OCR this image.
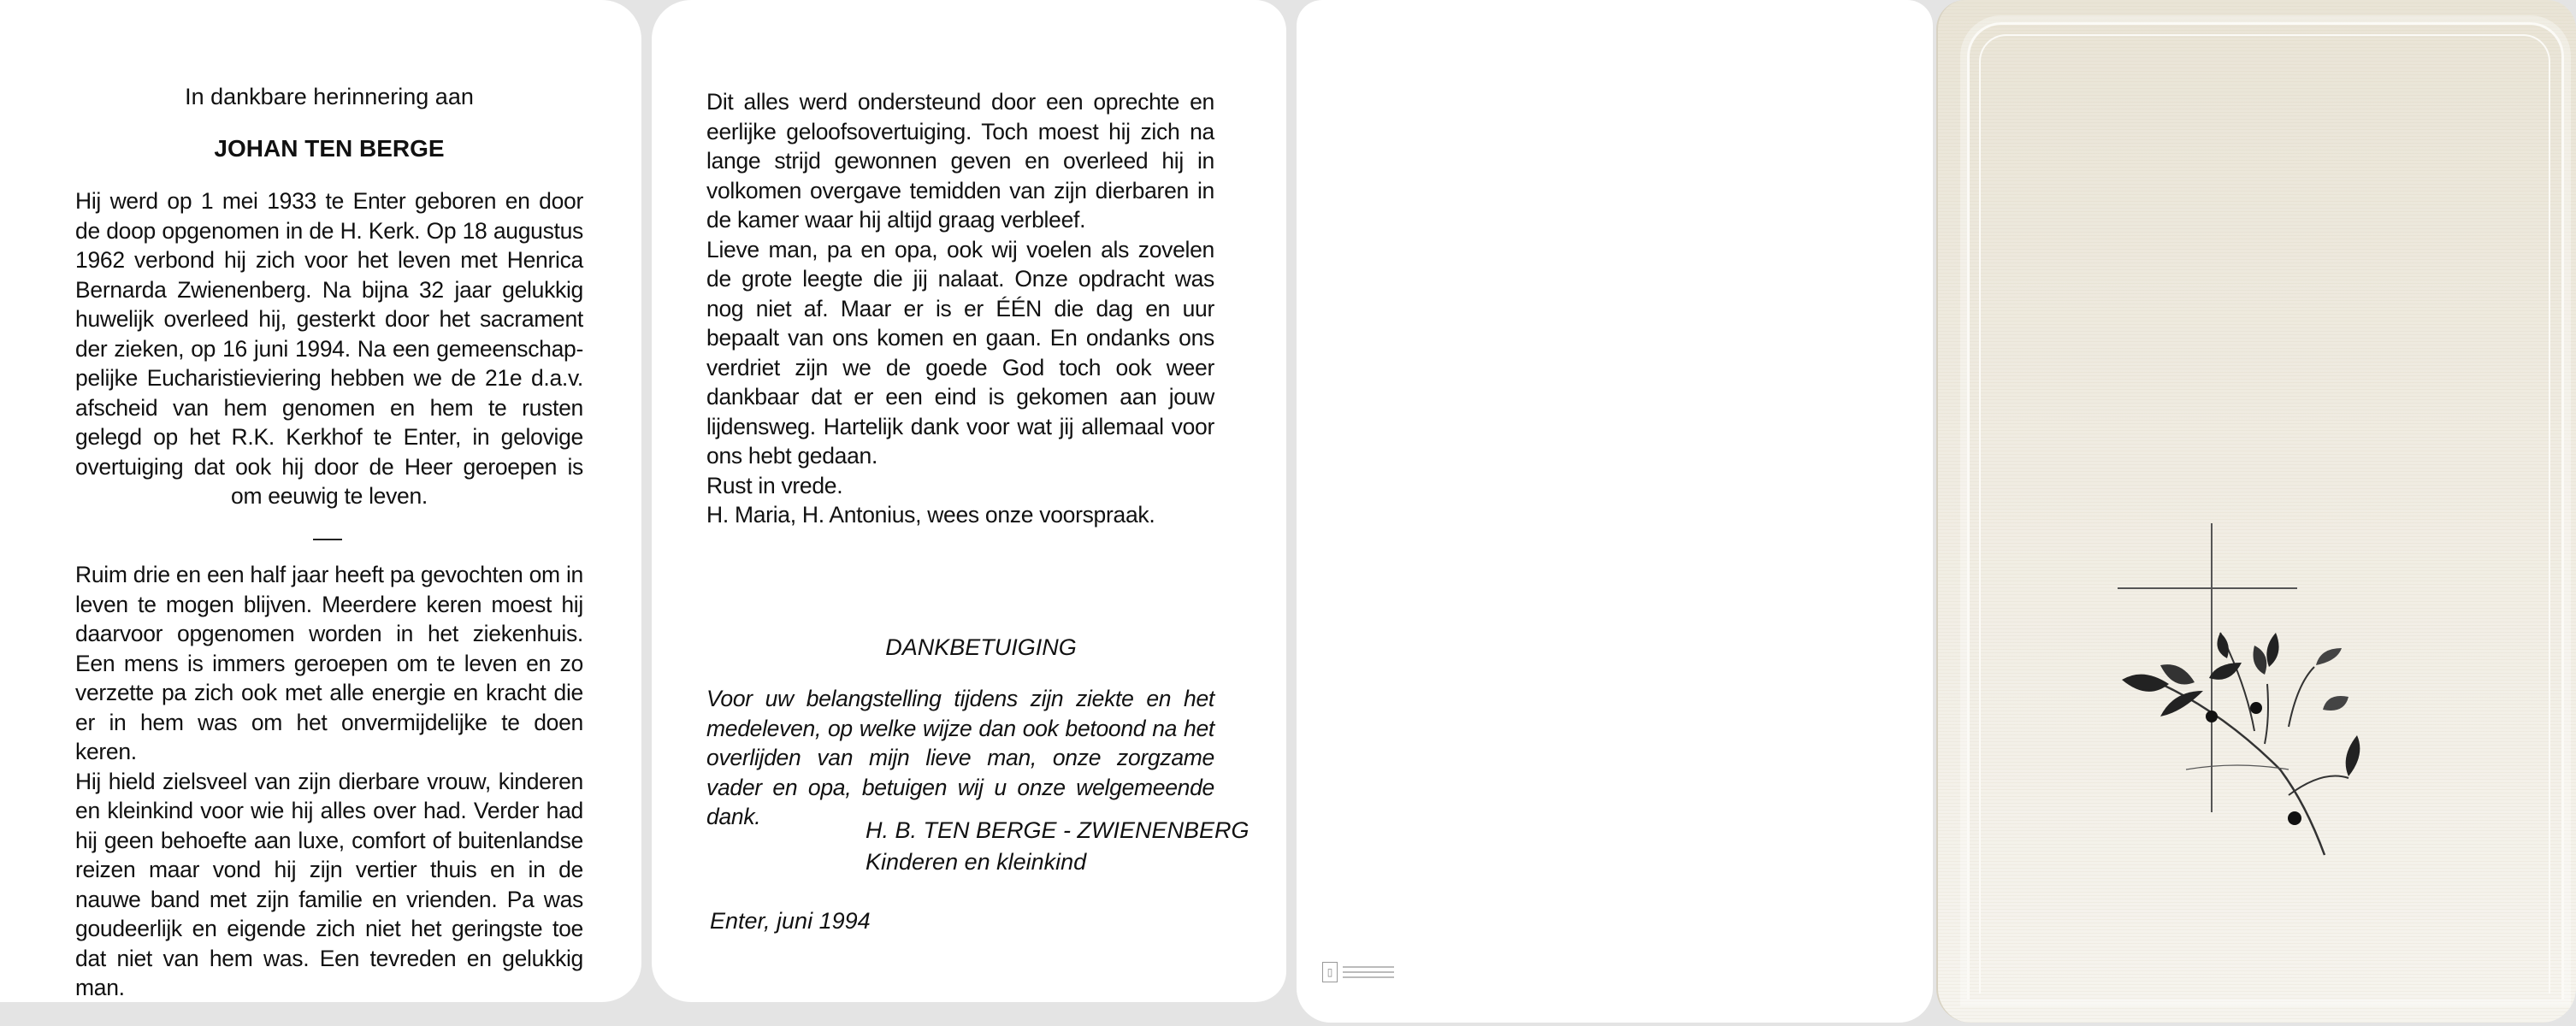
In dankbare herinnering aan
JOHAN TEN BERGE

Hij werd op 1 mei 1933 te Enter geboren en door de doop opgenomen in de H. Kerk. Op 18 augustus 1962 verbond hij zich voor het leven met Henrica Bernarda Zwienenberg. Na bijna 32 jaar gelukkig huwelijk overleed hij, gesterkt door het sacrament der zieken, op 16 juni 1994. Na een gemeenschap-pelijke Eucharistieviering hebben we de 21e d.a.v. afscheid van hem genomen en hem te rusten gelegd op het R.K. Kerkhof te Enter, in gelovige overtuiging dat ook hij door de Heer geroepen is om eeuwig te leven.

Ruim drie en een half jaar heeft pa gevochten om in leven te mogen blijven. Meerdere keren moest hij daarvoor opgenomen worden in het ziekenhuis. Een mens is immers geroepen om te leven en zo verzette pa zich ook met alle energie en kracht die er in hem was om het onvermijdelijke te doen keren.

Hij hield zielsveel van zijn dierbare vrouw, kinderen en kleinkind voor wie hij alles over had. Verder had hij geen behoefte aan luxe, comfort of buitenlandse reizen maar vond hij zijn vertier thuis en in de nauwe band met zijn familie en vrienden. Pa was goudeerlijk en eigende zich niet het geringste toe dat niet van hem was. Een tevreden en gelukkig man.

Dit alles werd ondersteund door een oprechte en eerlijke geloofsovertuiging. Toch moest hij zich na lange strijd gewonnen geven en overleed hij in volkomen overgave temidden van zijn dierbaren in de kamer waar hij altijd graag verbleef.

Lieve man, pa en opa, ook wij voelen als zovelen de grote leegte die jij nalaat. Onze opdracht was nog niet af. Maar er is er ÉÉN die dag en uur bepaalt van ons komen en gaan. En ondanks ons verdriet zijn we de goede God toch ook weer dankbaar dat er een eind is gekomen aan jouw lijdensweg. Hartelijk dank voor wat jij allemaal voor ons hebt gedaan.

Rust in vrede.

H. Maria, H. Antonius, wees onze voorspraak.

DANKBETUIGING

Voor uw belangstelling tijdens zijn ziekte en het medeleven, op welke wijze dan ook betoond na het overlijden van mijn lieve man, onze zorgzame vader en opa, betuigen wij u onze welgemeende dank.

H. B. TEN BERGE - ZWIENENBERG
Kinderen en kleinkind
Enter, juni 1994
▯
